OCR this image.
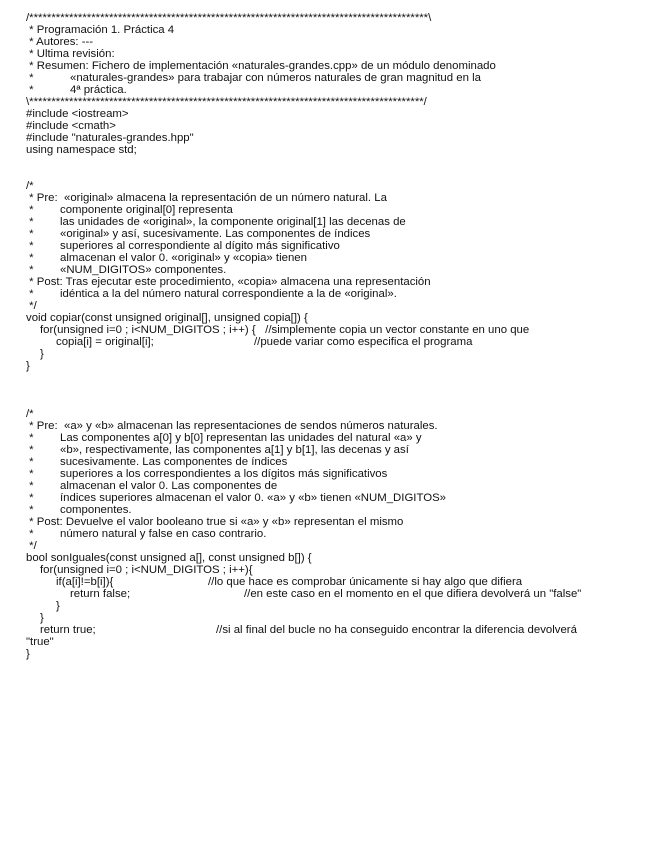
/******************************************************************************************\
* Programación 1. Práctica 4
* Autores: ---
* Ultima revisión:
* Resumen: Fichero de implementación «naturales-grandes.cpp» de un módulo denominado
*	«naturales-grandes» para trabajar con números naturales de gran magnitud en la
*	4ª práctica.
\*****************************************************************************************/
#include <iostream>
#include <cmath>
#include "naturales-grandes.hpp"
using namespace std;
/*
* Pre:  «original» almacena la representación de un número natural. La
* componente original[0] representa
* las unidades de «original», la componente original[1] las decenas de
* «original» y así, sucesivamente. Las componentes de índices
* superiores al correspondiente al dígito más significativo
* almacenan el valor 0. «original» y «copia» tienen
* «NUM_DIGITOS» componentes.
* Post: Tras ejecutar este procedimiento, «copia» almacena una representación
* idéntica a la del número natural correspondiente a la de «original».
*/
void copiar(const unsigned original[], unsigned copia[]) {
for(unsigned i=0 ; i<NUM_DIGITOS ; i++) {   //simplemente copia un vector constante en uno que
copia[i] = original[i];	//puede variar como especifica el programa
}
}
/*
* Pre:  «a» y «b» almacenan las representaciones de sendos números naturales.
* Las componentes a[0] y b[0] representan las unidades del natural «a» y
* «b», respectivamente, las componentes a[1] y b[1], las decenas y así
* sucesivamente. Las componentes de índices
* superiores a los correspondientes a los dígitos más significativos
* almacenan el valor 0. Las componentes de
* índices superiores almacenan el valor 0. «a» y «b» tienen «NUM_DIGITOS»
* componentes.
* Post: Devuelve el valor booleano true si «a» y «b» representan el mismo
* número natural y false en caso contrario.
*/
bool sonIguales(const unsigned a[], const unsigned b[]) {
for(unsigned i=0 ; i<NUM_DIGITOS ; i++){
if(a[i]!=b[i]){	//lo que hace es comprobar únicamente si hay algo que difiera
return false;	//en este caso en el momento en el que difiera devolverá un "false"
}
}
return true;	//si al final del bucle no ha conseguido encontrar la diferencia devolverá
"true"
}
